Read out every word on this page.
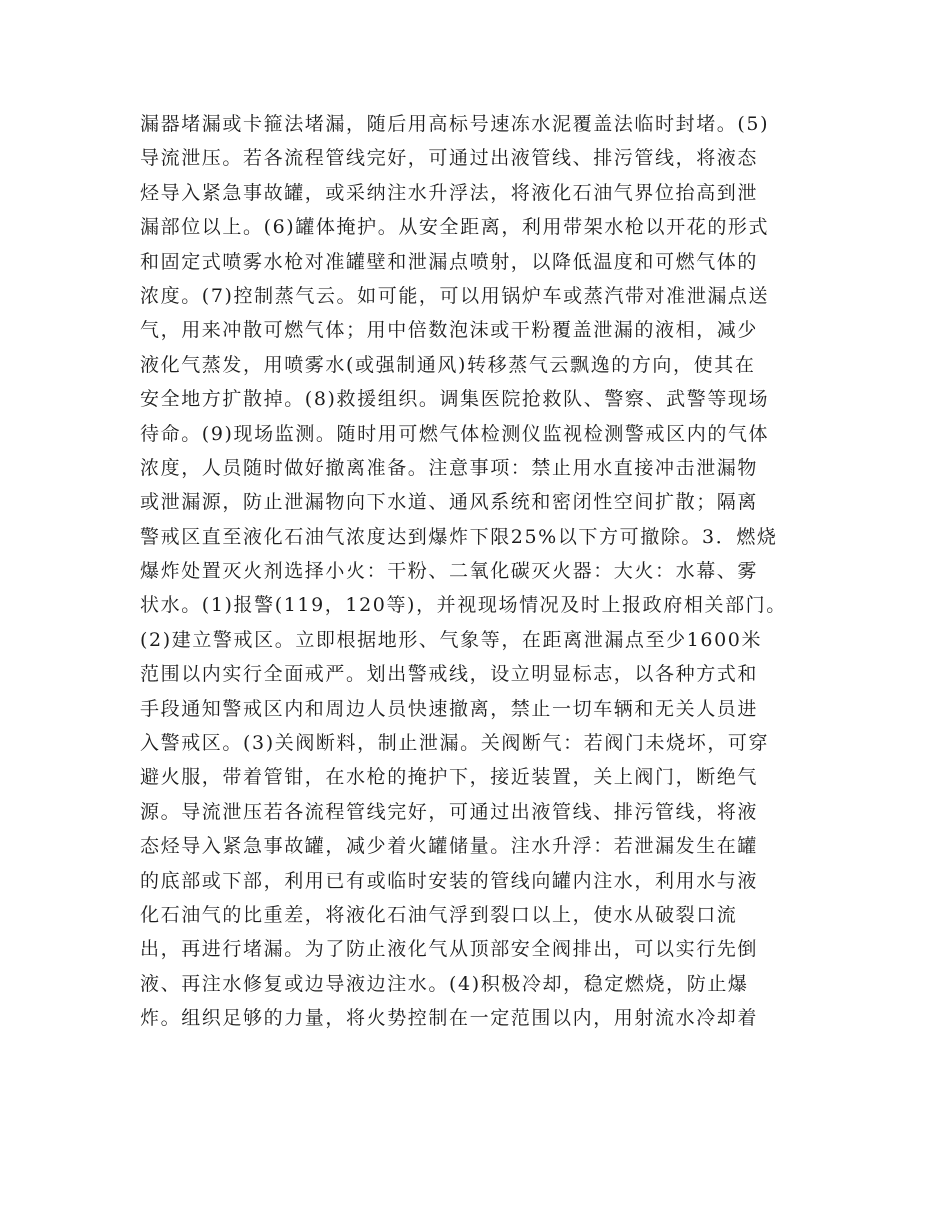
漏器堵漏或卡箍法堵漏，随后用高标号速冻水泥覆盖法临时封堵。(5)
导流泄压。若各流程管线完好，可通过出液管线、排污管线，将液态
烃导入紧急事故罐，或采纳注水升浮法，将液化石油气界位抬高到泄
漏部位以上。(6)罐体掩护。从安全距离，利用带架水枪以开花的形式
和固定式喷雾水枪对准罐壁和泄漏点喷射，以降低温度和可燃气体的
浓度。(7)控制蒸气云。如可能，可以用锅炉车或蒸汽带对准泄漏点送
气，用来冲散可燃气体；用中倍数泡沫或干粉覆盖泄漏的液相，减少
液化气蒸发，用喷雾水(或强制通风)转移蒸气云飘逸的方向，使其在
安全地方扩散掉。(8)救援组织。调集医院抢救队、警察、武警等现场
待命。(9)现场监测。随时用可燃气体检测仪监视检测警戒区内的气体
浓度，人员随时做好撤离准备。注意事项：禁止用水直接冲击泄漏物
或泄漏源，防止泄漏物向下水道、通风系统和密闭性空间扩散；隔离
警戒区直至液化石油气浓度达到爆炸下限25%以下方可撤除。3．燃烧
爆炸处置灭火剂选择小火：干粉、二氧化碳灭火器：大火：水幕、雾
状水。(1)报警(119，120等)，并视现场情况及时上报政府相关部门。
(2)建立警戒区。立即根据地形、气象等，在距离泄漏点至少1600米
范围以内实行全面戒严。划出警戒线，设立明显标志，以各种方式和
手段通知警戒区内和周边人员快速撤离，禁止一切车辆和无关人员进
入警戒区。(3)关阀断料，制止泄漏。关阀断气：若阀门未烧坏，可穿
避火服，带着管钳，在水枪的掩护下，接近装置，关上阀门，断绝气
源。导流泄压若各流程管线完好，可通过出液管线、排污管线，将液
态烃导入紧急事故罐，减少着火罐储量。注水升浮：若泄漏发生在罐
的底部或下部，利用已有或临时安装的管线向罐内注水，利用水与液
化石油气的比重差，将液化石油气浮到裂口以上，使水从破裂口流
出，再进行堵漏。为了防止液化气从顶部安全阀排出，可以实行先倒
液、再注水修复或边导液边注水。(4)积极冷却，稳定燃烧，防止爆
炸。组织足够的力量，将火势控制在一定范围以内，用射流水冷却着
